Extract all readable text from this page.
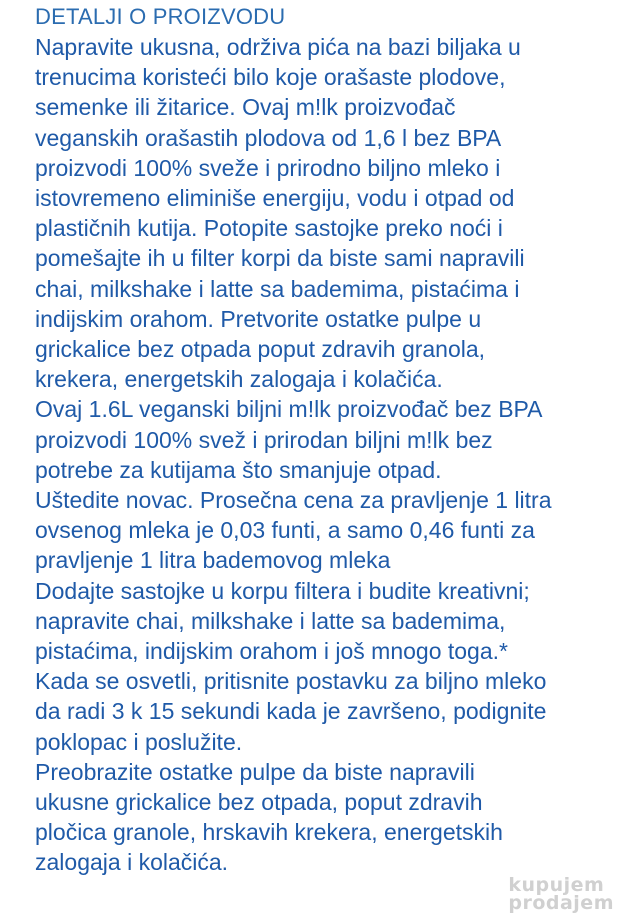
DETALJI O PROIZVODU

Napravite ukusna, održiva pića na bazi biljaka u
trenucima koristeći bilo koje orašaste plodove,
semenke ili žitarice. Ovaj m!lk proizvođač
veganskih orašastih plodova od 1,6 l bez BPA
proizvodi 100% sveže i prirodno biljno mleko i
istovremeno eliminiše energiju, vodu i otpad od
plastičnih kutija. Potopite sastojke preko noći i
pomešajte ih u filter korpi da biste sami napravili
chai, milkshake i latte sa bademima, pistaćima i
indijskim orahom. Pretvorite ostatke pulpe u
grickalice bez otpada poput zdravih granola,
krekera, energetskih zalogaja i kolačića.

Ovaj 1.6L veganski biljni m!lk proizvođač bez BPA
proizvodi 100% svež i prirodan biljni m!lk bez
potrebe za kutijama što smanjuje otpad.

Uštedite novac. Prosečna cena za pravljenje 1 litra
ovsenog mleka je 0,03 funti, a samo 0,46 funti za
pravljenje 1 litra bademovog mleka

Dodajte sastojke u korpu filtera i budite kreativni;
napravite chai, milkshake i latte sa bademima,
pistaćima, indijskim orahom i još mnogo toga.*

Kada se osvetli, pritisnite postavku za biljno mleko
da radi 3 k 15 sekundi kada je završeno, podignite
poklopac i poslužite.

Preobrazite ostatke pulpe da biste napravili
ukusne grickalice bez otpada, poput zdravih
pločica granole, hrskavih krekera, energetskih
zalogaja i kolačića.

kupujem
prodajem
